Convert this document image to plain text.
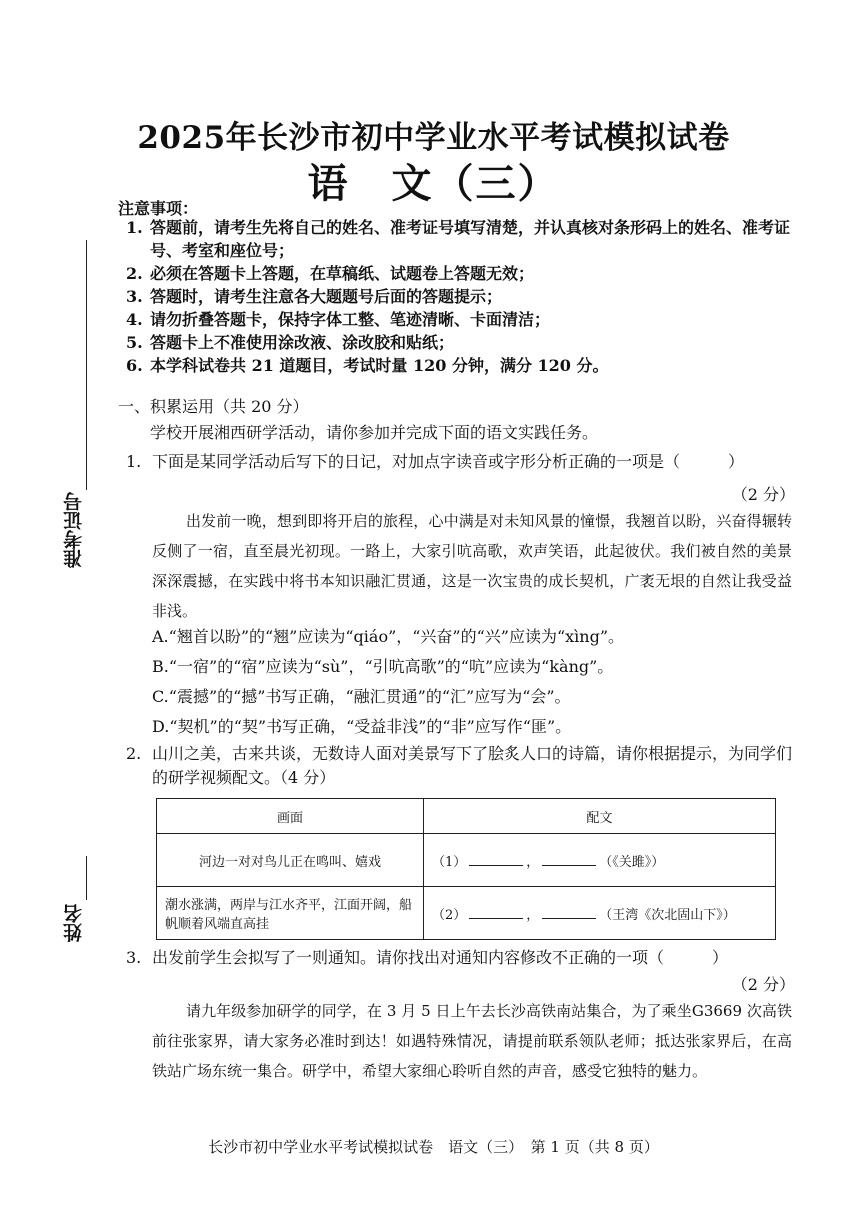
2025年长沙市初中学业水平考试模拟试卷
语　文（三）
准考证号
姓名
注意事项：
1. 答题前，请考生先将自己的姓名、准考证号填写清楚，并认真核对条形码上的姓名、准考证号、考室和座位号；
2. 必须在答题卡上答题，在草稿纸、试题卷上答题无效；
3. 答题时，请考生注意各大题题号后面的答题提示；
4. 请勿折叠答题卡，保持字体工整、笔迹清晰、卡面清洁；
5. 答题卡上不准使用涂改液、涂改胶和贴纸；
6. 本学科试卷共 21 道题目，考试时量 120 分钟，满分 120 分。
一、积累运用（共 20 分）
学校开展湘西研学活动，请你参加并完成下面的语文实践任务。
1. 下面是某同学活动后写下的日记，对加点字读音或字形分析正确的一项是（　　　）
（2 分）

出发前一晚，想到即将开启的旅程，心中满是对未知风景的憧憬，我翘首以盼，兴奋得辗转反侧了一宿，直至晨光初现。一路上，大家引吭高歌，欢声笑语，此起彼伏。我们被自然的美景深深震撼，在实践中将书本知识融汇贯通，这是一次宝贵的成长契机，广袤无垠的自然让我受益非浅。

A.“翘首以盼”的“翘”应读为“qiáo”，“兴奋”的“兴”应读为“xìng”。
B.“一宿”的“宿”应读为“sù”，“引吭高歌”的“吭”应读为“kàng”。
C.“震撼”的“撼”书写正确，“融汇贯通”的“汇”应写为“会”。
D.“契机”的“契”书写正确，“受益非浅”的“非”应写作“匪”。
2. 山川之美，古来共谈，无数诗人面对美景写下了脍炙人口的诗篇，请你根据提示，为同学们的研学视频配文。（4 分）
画面	配文
河边一对对鸟儿正在鸣叫、嬉戏	（1） ， （《关雎》）
潮水涨满，两岸与江水齐平，江面开阔，船帆顺着风端直高挂	（2） ， （王湾《次北固山下》）
3. 出发前学生会拟写了一则通知。请你找出对通知内容修改不正确的一项（　　　）
（2 分）

请九年级参加研学的同学，在 3 月 5 日上午去长沙高铁南站集合，为了乘坐G3669 次高铁前往张家界，请大家务必准时到达！如遇特殊情况，请提前联系领队老师；抵达张家界后，在高铁站广场东统一集合。研学中，希望大家细心聆听自然的声音，感受它独特的魅力。

长沙市初中学业水平考试模拟试卷　语文（三）　第 1 页（共 8 页）
